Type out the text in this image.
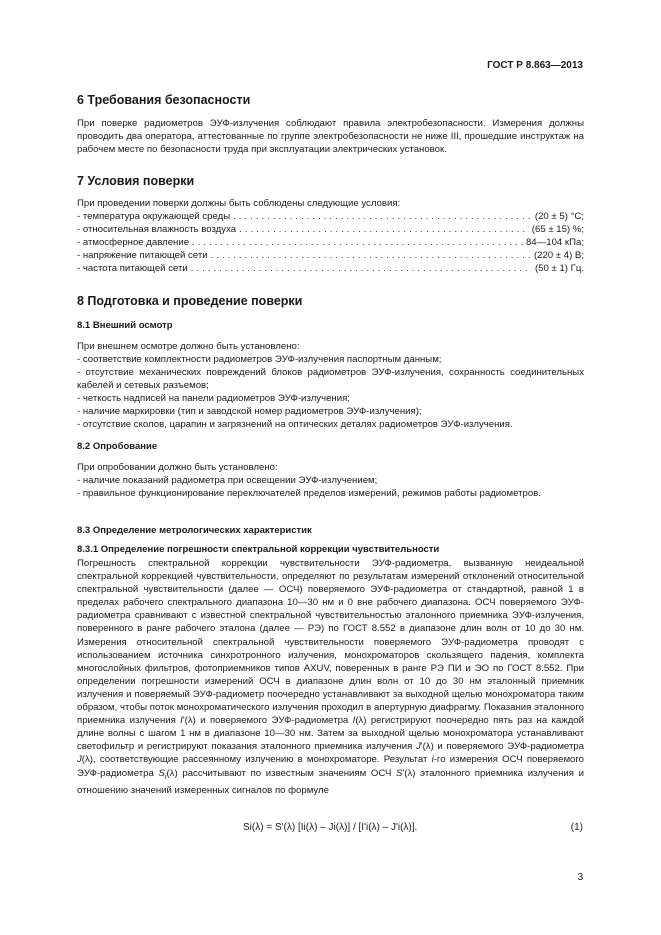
ГОСТ Р 8.863—2013
6 Требования безопасности
При поверке радиометров ЭУФ-излучения соблюдают правила электробезопасности. Измерения должны проводить два оператора, аттестованные по группе электробезопасности не ниже III, прошедшие инструктаж на рабочем месте по безопасности труда при эксплуатации электрических установок.
7 Условия поверки
При проведении поверки должны быть соблюдены следующие условия:
- температура окружающей среды .....	(20 ± 5) °С;
- относительная влажность воздуха .....	(65 ± 15) %;
- атмосферное давление .....	84—104 кПа;
- напряжение питающей сети .....	(220 ± 4) В;
- частота питающей сети .....	(50 ± 1) Гц.
8 Подготовка и проведение поверки
8.1 Внешний осмотр
При внешнем осмотре должно быть установлено:
- соответствие комплектности радиометров ЭУФ-излучения паспортным данным;
- отсутствие механических повреждений блоков радиометров ЭУФ-излучения, сохранность соединительных кабелей и сетевых разъемов;
- четкость надписей на панели радиометров ЭУФ-излучения;
- наличие маркировки (тип и заводской номер радиометров ЭУФ-излучения);
- отсутствие сколов, царапин и загрязнений на оптических деталях радиометров ЭУФ-излучения.
8.2 Опробование
При опробовании должно быть установлено:
- наличие показаний радиометра при освещении ЭУФ-излучением;
- правильное функционирование переключателей пределов измерений, режимов работы радиометров.
8.3 Определение метрологических характеристик
8.3.1 Определение погрешности спектральной коррекции чувствительности
Погрешность спектральной коррекции чувствительности ЭУФ-радиометра, вызванную неидеальной спектральной коррекцией чувствительности, определяют по результатам измерений отклонений относительной спектральной чувствительности (далее — ОСЧ) поверяемого ЭУФ-радиометра от стандартной, равной 1 в пределах рабочего спектрального диапазона 10—30 нм и 0 вне рабочего диапазона. ОСЧ поверяемого ЭУФ-радиометра сравнивают с известной спектральной чувствительностью эталонного приемника ЭУФ-излучения, поверенного в ранге рабочего эталона (далее — РЭ) по ГОСТ 8.552 в диапазоне длин волн от 10 до 30 нм. Измерения относительной спектральной чувствительности поверяемого ЭУФ-радиометра проводят с использованием источника синхротронного излучения, монохроматоров скользящего падения, комплекта многослойных фильтров, фотоприемников типов AXUV, поверенных в ранге РЭ ПИ и ЭО по ГОСТ 8.552. При определении погрешности измерений ОСЧ в диапазоне длин волн от 10 до 30 нм эталонный приемник излучения и поверяемый ЭУФ-радиометр поочередно устанавливают за выходной щелью монохроматора таким образом, чтобы поток монохроматического излучения проходил в апертурную диафрагму. Показания эталонного приемника излучения I'(λ) и поверяемого ЭУФ-радиометра I(λ) регистрируют поочередно пять раз на каждой длине волны с шагом 1 нм в диапазоне 10—30 нм. Затем за выходной щелью монохроматора устанавливают светофильтр и регистрируют показания эталонного приемника излучения J'(λ) и поверяемого ЭУФ-радиометра J(λ), соответствующие рассеянному излучению в монохроматоре. Результат i-го измерения ОСЧ поверяемого ЭУФ-радиометра $S_i(\lambda)$ рассчитывают по известным значениям ОСЧ S'(λ) эталонного приемника излучения и отношению значений измеренных сигналов по формуле
Si(λ) = S'(λ) [Ii(λ) – Ji(λ)] / [I'i(λ) – J'i(λ)].	(1)
3
